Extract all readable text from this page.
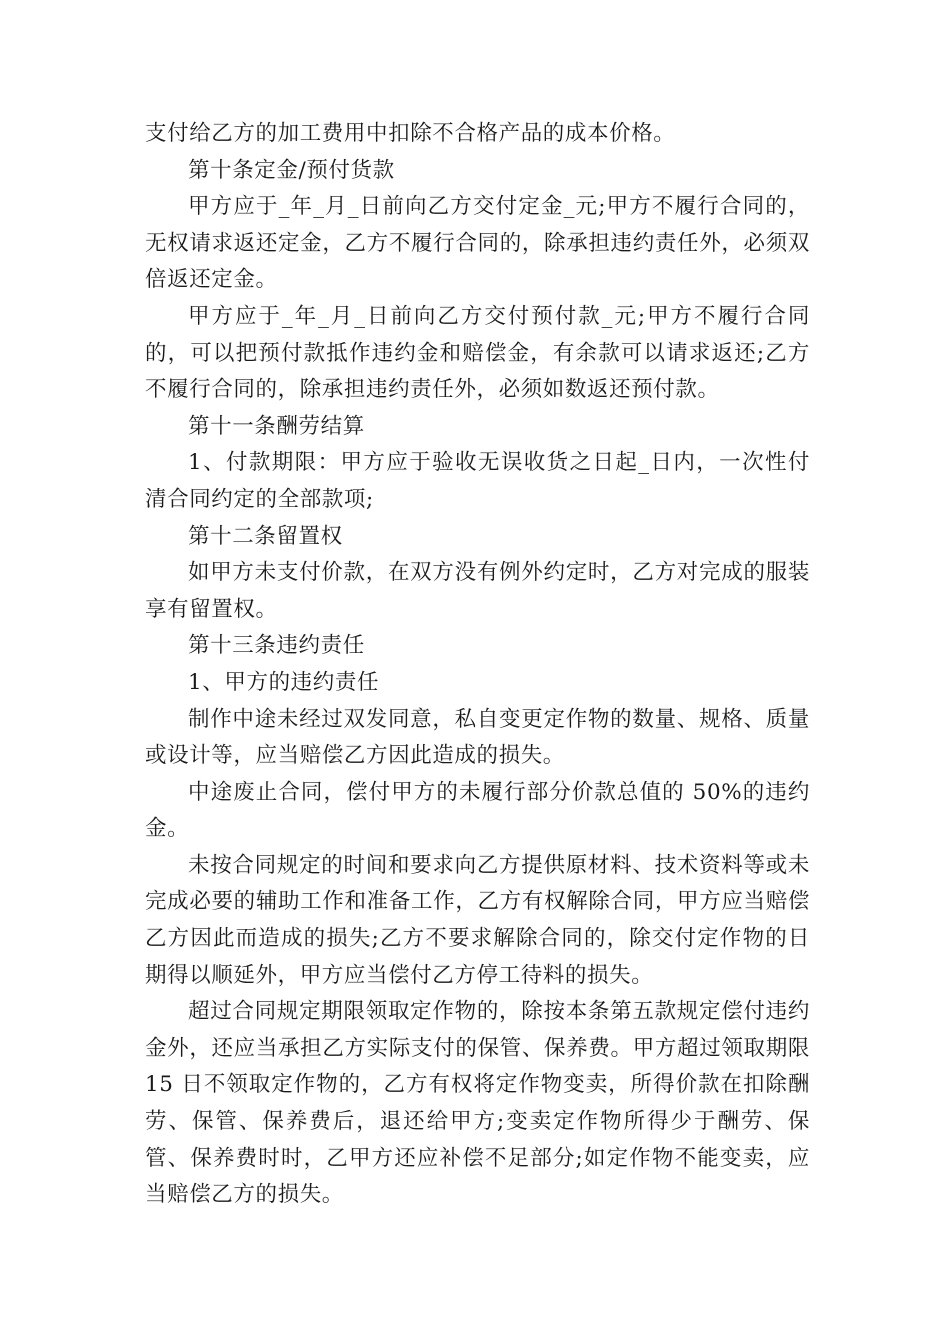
支付给乙方的加工费用中扣除不合格产品的成本价格。

第十条定金/预付货款

甲方应于_年_月_日前向乙方交付定金_元;甲方不履行合同的，无权请求返还定金，乙方不履行合同的，除承担违约责任外，必须双倍返还定金。

甲方应于_年_月_日前向乙方交付预付款_元;甲方不履行合同的，可以把预付款抵作违约金和赔偿金，有余款可以请求返还;乙方不履行合同的，除承担违约责任外，必须如数返还预付款。

第十一条酬劳结算

1、付款期限：甲方应于验收无误收货之日起_日内，一次性付清合同约定的全部款项;

第十二条留置权

如甲方未支付价款，在双方没有例外约定时，乙方对完成的服装享有留置权。

第十三条违约责任

1、甲方的违约责任

制作中途未经过双发同意，私自变更定作物的数量、规格、质量或设计等，应当赔偿乙方因此造成的损失。

中途废止合同，偿付甲方的未履行部分价款总值的 50%的违约金。

未按合同规定的时间和要求向乙方提供原材料、技术资料等或未完成必要的辅助工作和准备工作，乙方有权解除合同，甲方应当赔偿乙方因此而造成的损失;乙方不要求解除合同的，除交付定作物的日期得以顺延外，甲方应当偿付乙方停工待料的损失。

超过合同规定期限领取定作物的，除按本条第五款规定偿付违约金外，还应当承担乙方实际支付的保管、保养费。甲方超过领取期限 15 日不领取定作物的，乙方有权将定作物变卖，所得价款在扣除酬劳、保管、保养费后，退还给甲方;变卖定作物所得少于酬劳、保管、保养费时时，乙甲方还应补偿不足部分;如定作物不能变卖，应当赔偿乙方的损失。
